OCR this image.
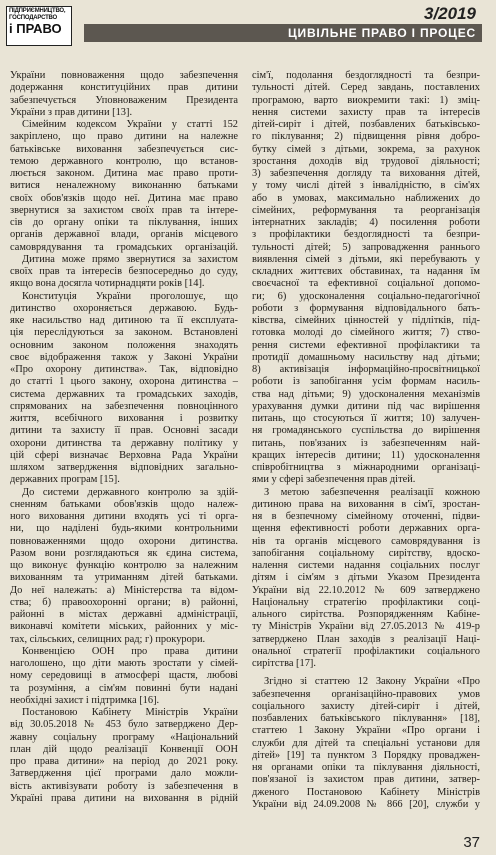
ПІДПРИЄМНИЦТВО,
ГОСПОДАРСТВО
і ПРАВО
3/2019
ЦИВІЛЬНЕ ПРАВО І ПРОЦЕС
України повноваження щодо забезпечення
додержання конституційних прав дитини
забезпечується Уповноваженим Президента
України з прав дитини [13].
Сімейним кодексом України у статті 152
закріплено, що право дитини на належне
батьківське виховання забезпечується сис-
темою державного контролю, що встанов-
люється законом. Дитина має право проти-
витися неналежному виконанню батьками
своїх обов'язків щодо неї. Дитина має право
звернутися за захистом своїх прав та інтере-
сів до органу опіки та піклування, інших
органів державної влади, органів місцевого
самоврядування та громадських організацій.
Дитина може прямо звернутися за захистом
своїх прав та інтересів безпосередньо до суду,
якщо вона досягла чотирнадцяти років [14].
Конституція України проголошує, що
дитинство охороняється державою. Будь-
яке насильство над дитиною та її експлуата-
ція переслідуються за законом. Встановлені
основним законом положення знаходять
своє відображення також у Законі України
«Про охорону дитинства». Так, відповідно
до статті 1 цього закону, охорона дитинства –
система державних та громадських заходів,
спрямованих на забезпечення повноцінного
життя, всебічного виховання і розвитку
дитини та захисту її прав. Основні засади
охорони дитинства та державну політику у
цій сфері визначає Верховна Рада України
шляхом затвердження відповідних загально-
державних програм [15].
До системи державного контролю за здій-
сненням батьками обов'язків щодо належ-
ного виховання дитини входять усі ті орга-
ни, що наділені будь-якими контрольними
повноваженнями щодо охорони дитинства.
Разом вони розглядаються як єдина система,
що виконує функцію контролю за належним
вихованням та утриманням дітей батьками.
До неї належать: а) Міністерства та відом-
ства; б) правоохоронні органи; в) районні,
районні в містах державні адміністрації,
виконавчі комітети міських, районних у міс-
тах, сільських, селищних рад; г) прокурори.
Конвенцією ООН про права дитини
наголошено, що діти мають зростати у сімей-
ному середовищі в атмосфері щастя, любові
та розуміння, а сім'ям повинні бути надані
необхідні захист і підтримка [16].
Постановою Кабінету Міністрів України
від 30.05.2018 № 453 було затверджено Дер-
жавну соціальну програму «Національний
план дій щодо реалізації Конвенції ООН
про права дитини» на період до 2021 року.
Затвердження цієї програми дало можли-
вість активізувати роботу із забезпечення в
Україні права дитини на виховання в рідній
сім'ї, подолання бездоглядності та безпри-
тульності дітей. Серед завдань, поставлених
програмою, варто виокремити такі: 1) зміц-
нення системи захисту прав та інтересів
дітей-сиріт і дітей, позбавлених батьківсько-
го піклування; 2) підвищення рівня добро-
бутку сімей з дітьми, зокрема, за рахунок
зростання доходів від трудової діяльності;
3) забезпечення догляду та виховання дітей,
у тому числі дітей з інвалідністю, в сім'ях
або в умовах, максимально наближених до
сімейних, реформування та реорганізація
інтернатних закладів; 4) посилення роботи
з профілактики бездоглядності та безпри-
тульності дітей; 5) запровадження раннього
виявлення сімей з дітьми, які перебувають у
складних життєвих обставинах, та надання їм
своєчасної та ефективної соціальної допомо-
ги; 6) удосконалення соціально-педагогічної
роботи з формування відповідального бать-
ківства, сімейних цінностей у підлітків, під-
готовка молоді до сімейного життя; 7) ство-
рення системи ефективної профілактики та
протидії домашньому насильству над дітьми;
8) активізація інформаційно-просвітницької
роботи із запобігання усім формам насиль-
ства над дітьми; 9) удосконалення механізмів
урахування думки дитини під час вирішення
питань, що стосуються її життя; 10) залучен-
ня громадянського суспільства до вирішення
питань, пов'язаних із забезпеченням най-
кращих інтересів дитини; 11) удосконалення
співробітництва з міжнародними організаці-
ями у сфері забезпечення прав дітей.
З метою забезпечення реалізації кожною
дитиною права на виховання в сім'ї, зростан-
ня в безпечному сімейному оточенні, підви-
щення ефективності роботи державних орга-
нів та органів місцевого самоврядування із
запобігання соціальному сирітству, вдоско-
налення системи надання соціальних послуг
дітям і сім'ям з дітьми Указом Президента
України від 22.10.2012 № 609 затверджено
Національну стратегію профілактики соці-
ального сирітства. Розпорядженням Кабіне-
ту Міністрів України від 27.05.2013 № 419-р
затверджено План заходів з реалізації Наці-
ональної стратегії профілактики соціального
сирітства [17].
Згідно зі статтею 12 Закону України «Про
забезпечення організаційно-правових умов
соціального захисту дітей-сиріт і дітей,
позбавлених батьківського піклування» [18],
статтею 1 Закону України «Про органи і
служби для дітей та спеціальні установи для
дітей» [19] та пунктом 3 Порядку проваджен-
ня органами опіки та піклування діяльності,
пов'язаної із захистом прав дитини, затвер-
дженого Постановою Кабінету Міністрів
України від 24.09.2008 № 866 [20], служби у
37
